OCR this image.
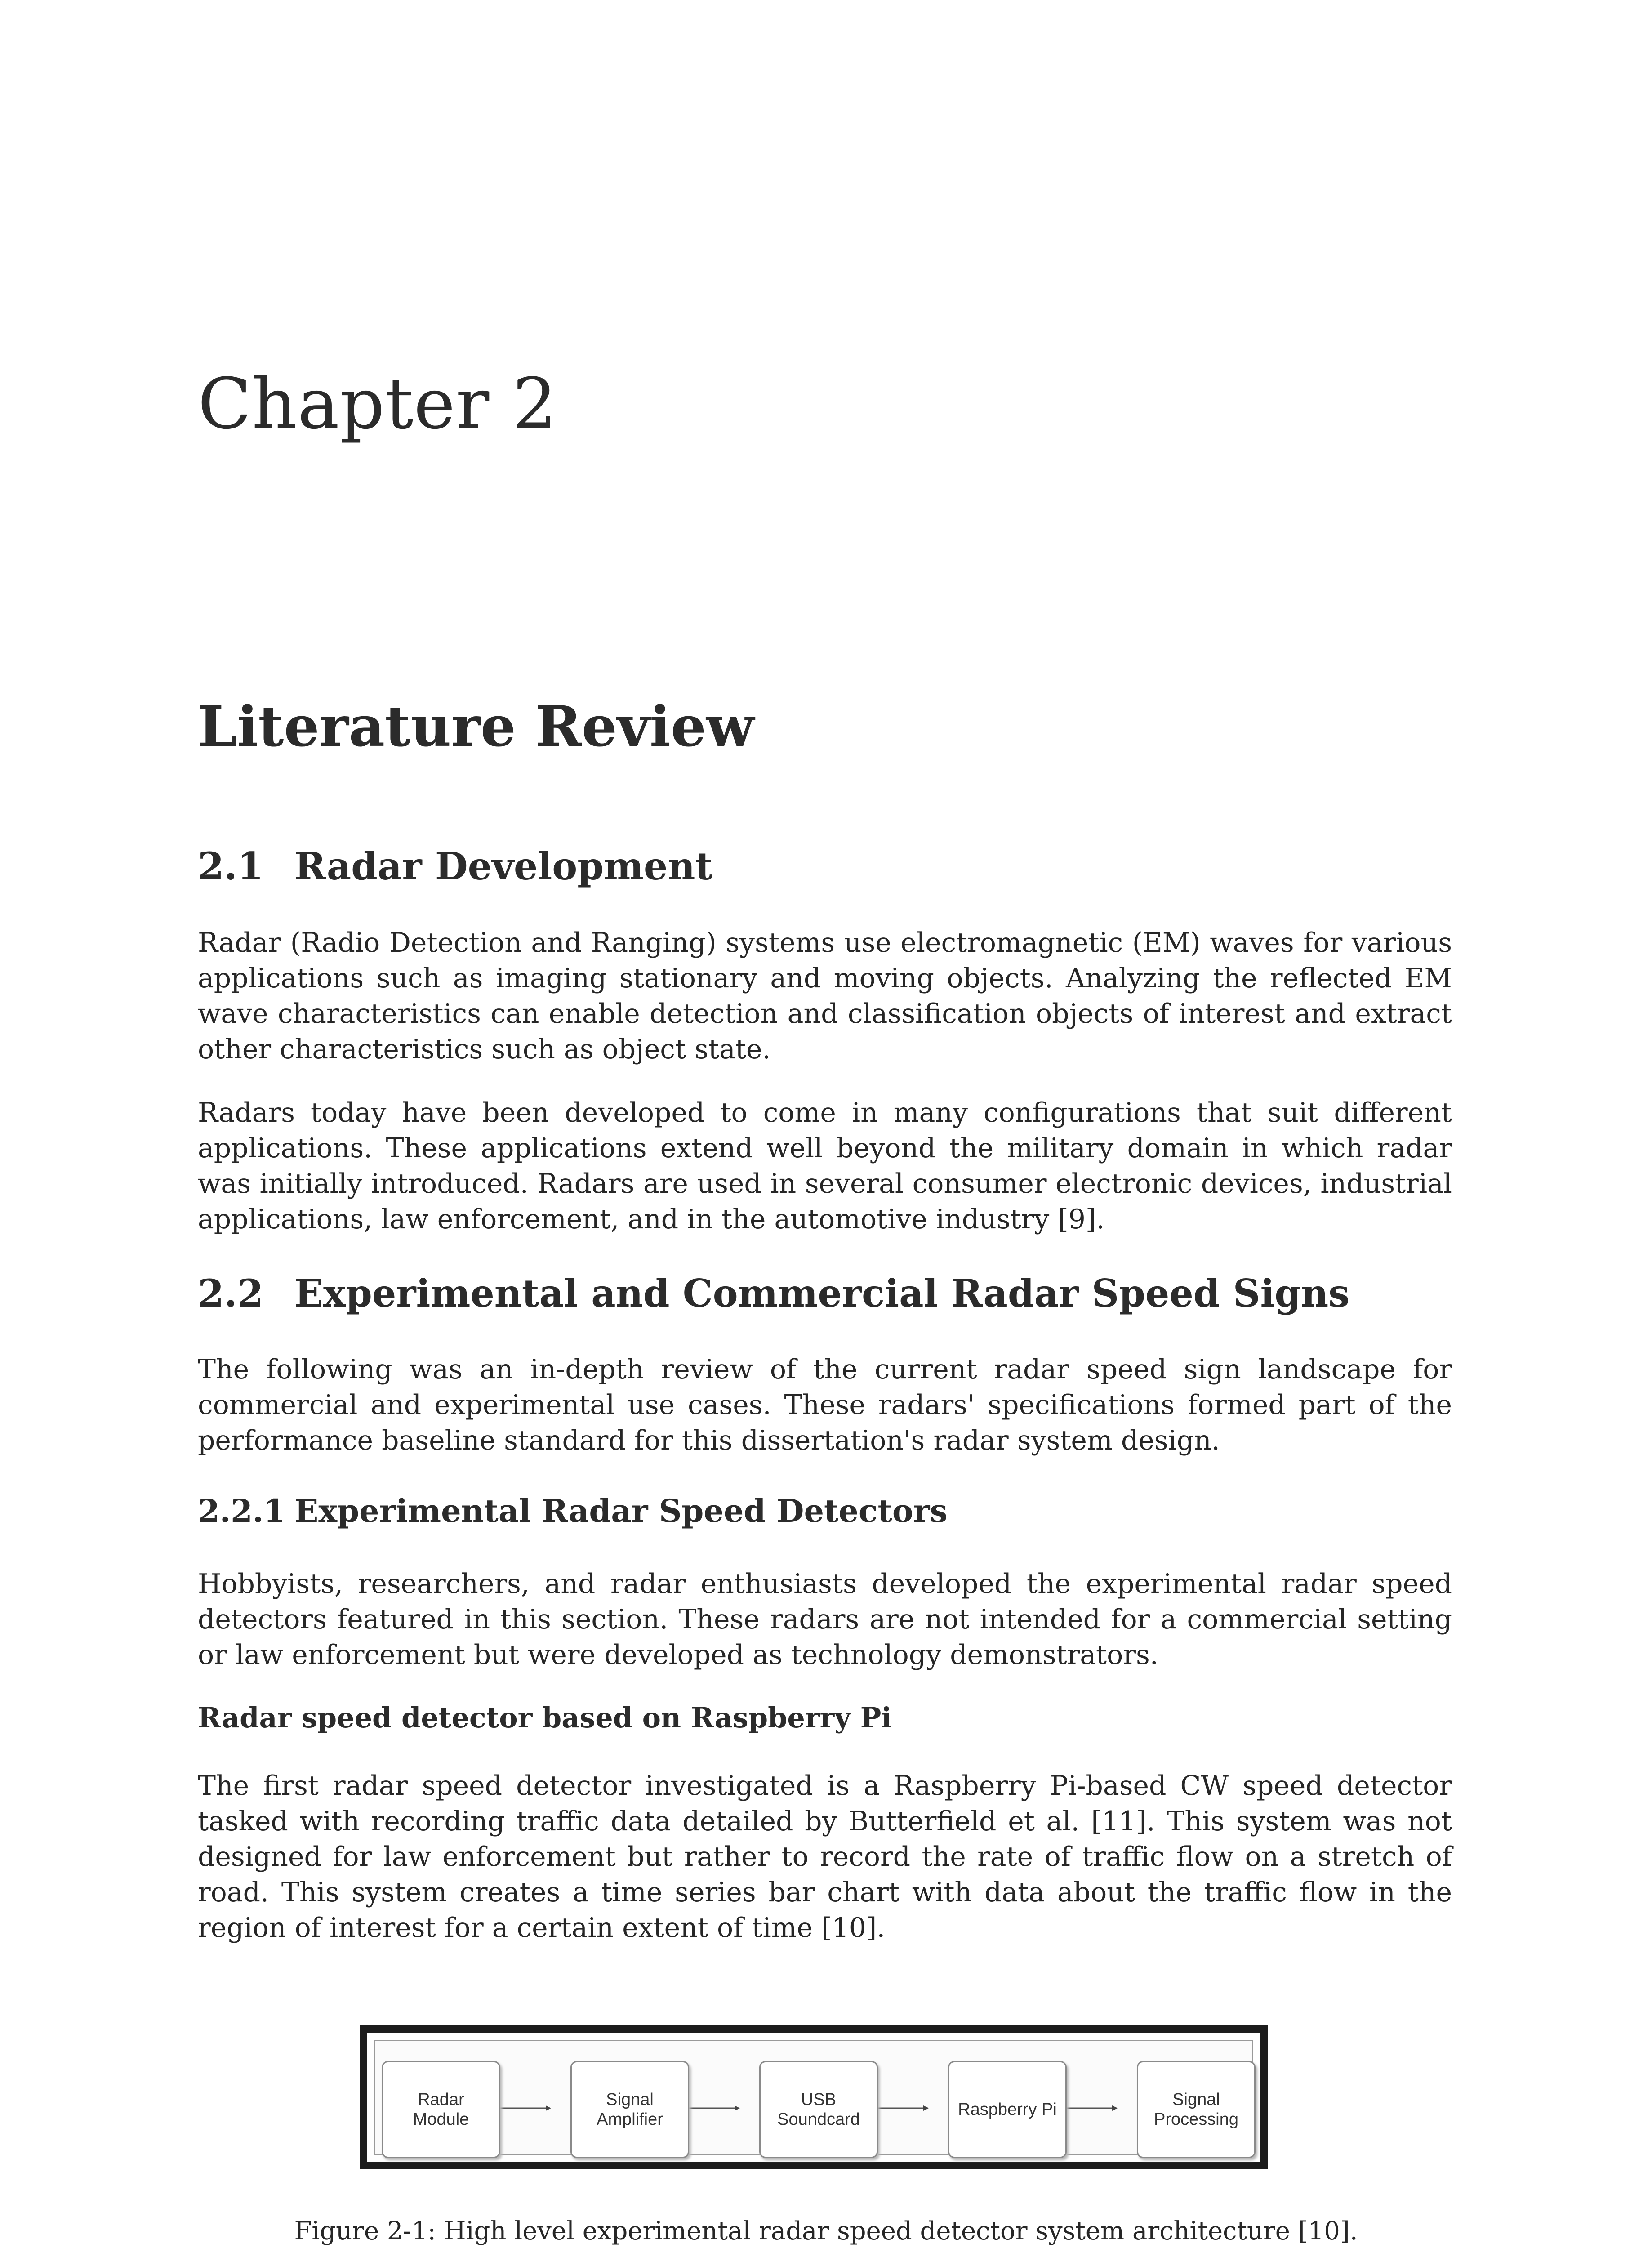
Chapter 2
Literature Review
2.1 Radar Development

Radar (Radio Detection and Ranging) systems use electromagnetic (EM) waves for various applications such as imaging stationary and moving objects. Analyzing the reflected EM wave characteristics can enable detection and classification objects of interest and extract other characteristics such as object state.

Radars today have been developed to come in many configurations that suit different applications. These applications extend well beyond the military domain in which radar was initially introduced. Radars are used in several consumer electronic devices, industrial applications, law enforcement, and in the automotive industry [9].

2.2 Experimental and Commercial Radar Speed Signs

The following was an in-depth review of the current radar speed sign landscape for commercial and experimental use cases. These radars' specifications formed part of the performance baseline standard for this dissertation's radar system design.

2.2.1 Experimental Radar Speed Detectors

Hobbyists, researchers, and radar enthusiasts developed the experimental radar speed detectors featured in this section. These radars are not intended for a commercial setting or law enforcement but were developed as technology demonstrators.

Radar speed detector based on Raspberry Pi

The first radar speed detector investigated is a Raspberry Pi-based CW speed detector tasked with recording traffic data detailed by Butterfield et al. [11]. This system was not designed for law enforcement but rather to record the rate of traffic flow on a stretch of road. This system creates a time series bar chart with data about the traffic flow in the region of interest for a certain extent of time [10].

Radar
Module
Signal
Amplifier
USB
Soundcard
Raspberry Pi
Signal
Processing
Figure 2-1: High level experimental radar speed detector system architecture [10].
